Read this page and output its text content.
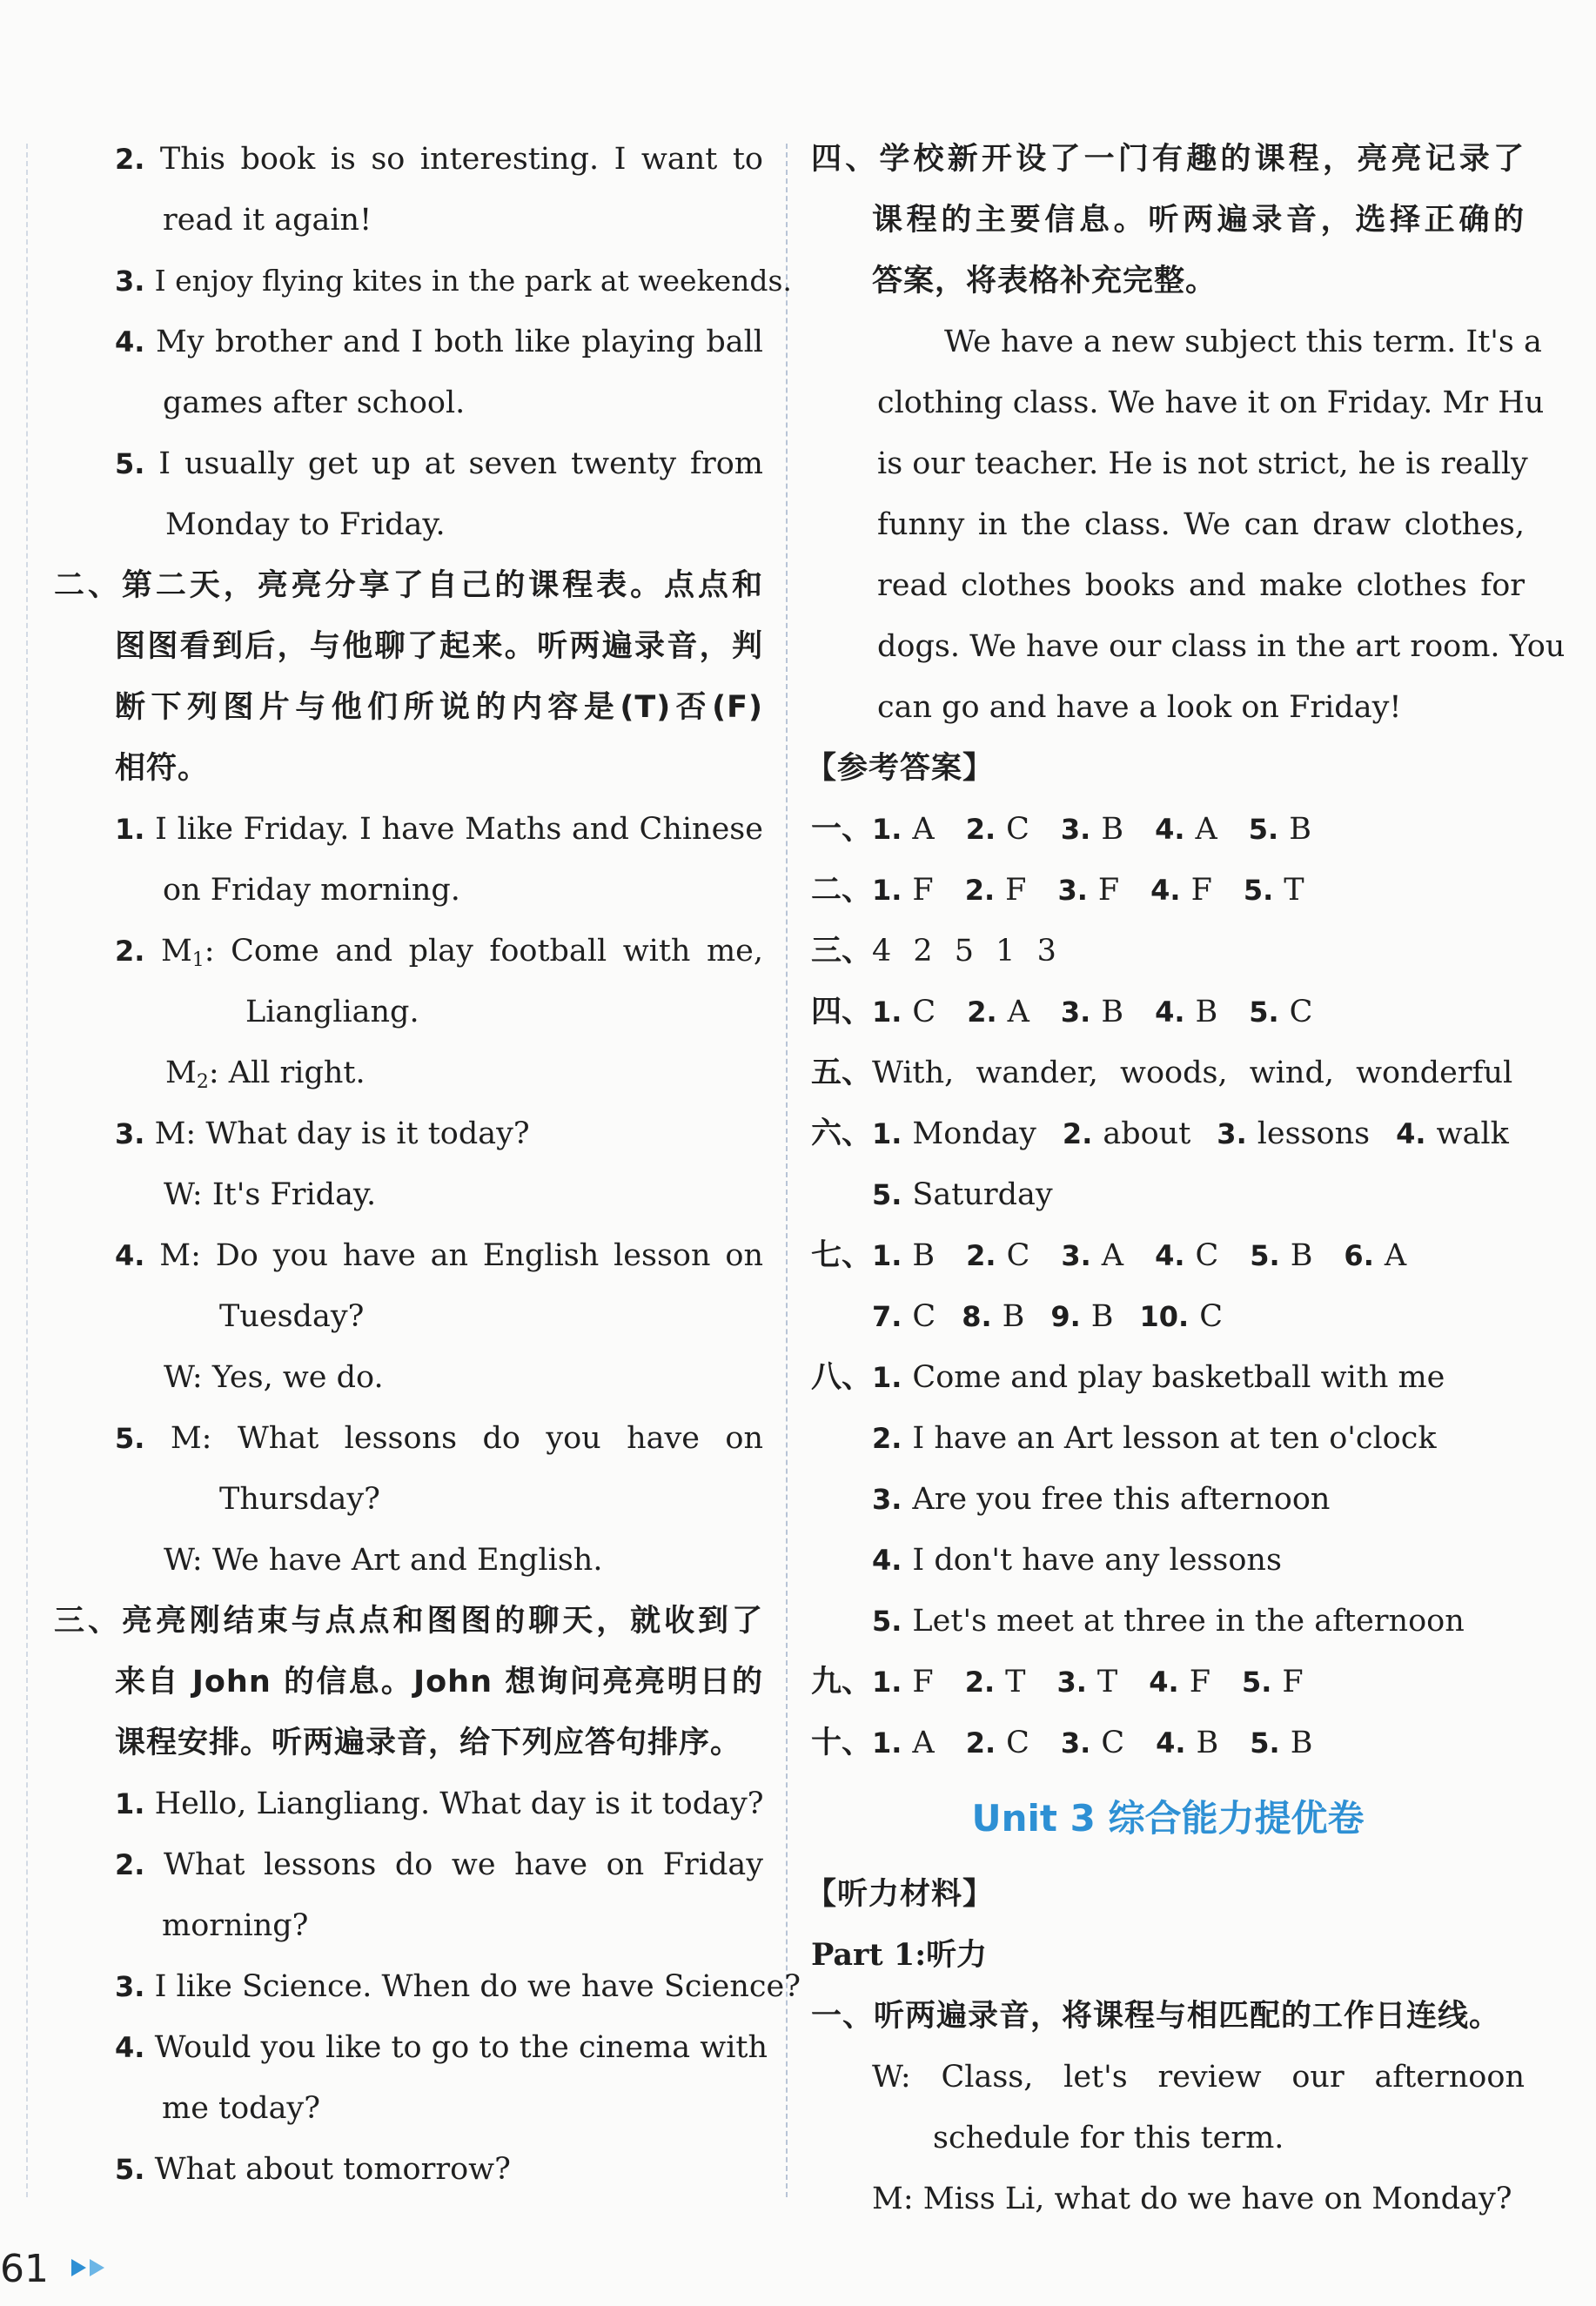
2. This book is so interesting. I want to
read it again!
3. I enjoy flying kites in the park at weekends.
4. My brother and I both like playing ball
games after school.
5. I usually get up at seven twenty from
Monday to Friday.
二、第二天，亮亮分享了自己的课程表。点点和
图图看到后，与他聊了起来。听两遍录音，判
断下列图片与他们所说的内容是(T)否(F)
相符。
1. I like Friday. I have Maths and Chinese
on Friday morning.
2. $M_1$: Come and play football with me,
Liangliang.
$M_2$: All right.
3. M: What day is it today?
W: It's Friday.
4. M: Do you have an English lesson on
Tuesday?
W: Yes, we do.
5. M: What lessons do you have on
Thursday?
W: We have Art and English.
三、亮亮刚结束与点点和图图的聊天，就收到了
来自 John 的信息。John 想询问亮亮明日的
课程安排。听两遍录音，给下列应答句排序。
1. Hello, Liangliang. What day is it today?
2. What lessons do we have on Friday
morning?
3. I like Science. When do we have Science?
4. Would you like to go to the cinema with
me today?
5. What about tomorrow?
四、学校新开设了一门有趣的课程，亮亮记录了
课程的主要信息。听两遍录音，选择正确的
答案，将表格补充完整。
We have a new subject this term. It's a
clothing class. We have it on Friday. Mr Hu
is our teacher. He is not strict, he is really
funny in the class. We can draw clothes,
read clothes books and make clothes for
dogs. We have our class in the art room. You
can go and have a look on Friday!
【参考答案】
一、1. A 2. C 3. B 4. A 5. B
二、1. F 2. F 3. F 4. F 5. T
三、4 2 5 1 3
四、1. C 2. A 3. B 4. B 5. C
五、With, wander, woods, wind, wonderful
六、1. Monday 2. about 3. lessons 4. walk
5. Saturday
七、1. B 2. C 3. A 4. C 5. B 6. A
7. C 8. B 9. B 10. C
八、1. Come and play basketball with me
2. I have an Art lesson at ten o'clock
3. Are you free this afternoon
4. I don't have any lessons
5. Let's meet at three in the afternoon
九、1. F 2. T 3. T 4. F 5. F
十、1. A 2. C 3. C 4. B 5. B
Unit 3 综合能力提优卷
【听力材料】
Part 1:听力
一、听两遍录音，将课程与相匹配的工作日连线。
W: Class, let's review our afternoon
schedule for this term.
M: Miss Li, what do we have on Monday?
61
